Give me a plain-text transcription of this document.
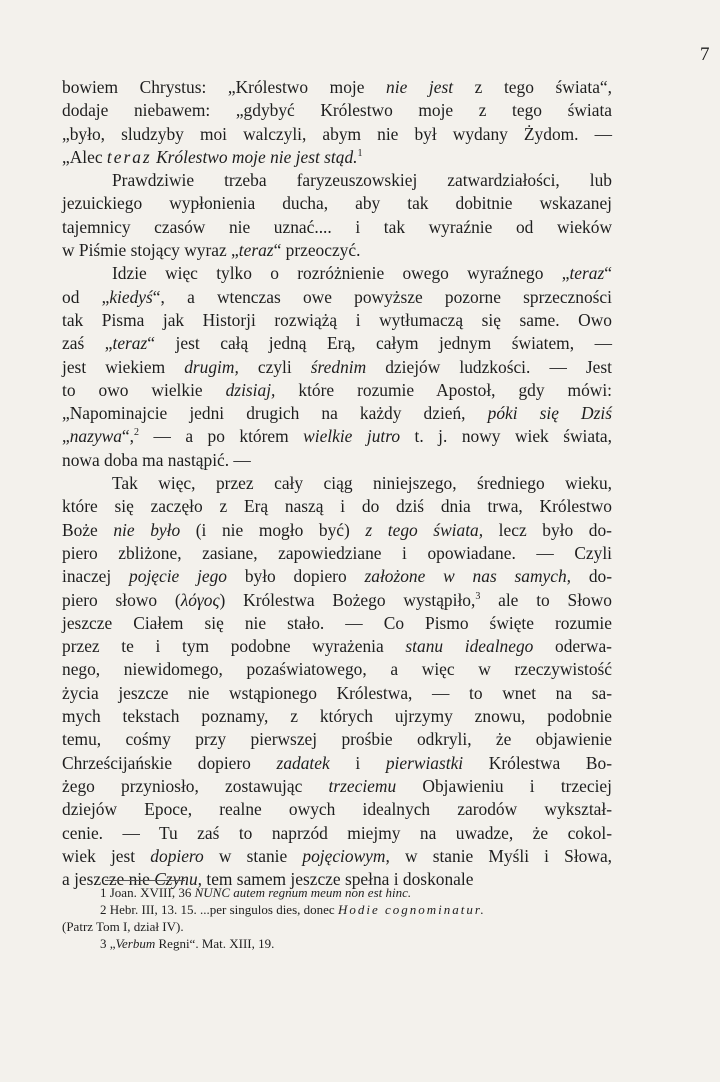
7
bowiem Chrystus: „Królestwo moje nie jest z tego świata“,
dodaje niebawem: „gdybyć Królestwo moje z tego świata
„było, sludzyby moi walczyli, abym nie był wydany Żydom. —
„Alec teraz Królestwo moje nie jest stąd.$^1$
Prawdziwie trzeba faryzeuszowskiej zatwardziałości, lub
jezuickiego wypłonienia ducha, aby tak dobitnie wskazanej
tajemnicy czasów nie uznać.... i tak wyraźnie od wieków
w Piśmie stojący wyraz „teraz“ przeoczyć.
Idzie więc tylko o rozróżnienie owego wyraźnego „teraz“
od „kiedyś“, a wtenczas owe powyższe pozorne sprzeczności
tak Pisma jak Historji rozwiążą i wytłumaczą się same. Owo
zaś „teraz“ jest całą jedną Erą, całym jednym światem, —
jest wiekiem drugim, czyli średnim dziejów ludzkości. — Jest
to owo wielkie dzisiaj, które rozumie Apostoł, gdy mówi:
„Napominajcie jedni drugich na każdy dzień, póki się Dziś
„nazywa“,$^2$ — a po którem wielkie jutro t. j. nowy wiek świata,
nowa doba ma nastąpić. —
Tak więc, przez cały ciąg niniejszego, średniego wieku,
które się zaczęło z Erą naszą i do dziś dnia trwa, Królestwo
Boże nie było (i nie mogło być) z tego świata, lecz było do-
piero zbliżone, zasiane, zapowiedziane i opowiadane. — Czyli
inaczej pojęcie jego było dopiero założone w nas samych, do-
piero słowo (λόγος) Królestwa Bożego wystąpiło,$^3$ ale to Słowo
jeszcze Ciałem się nie stało. — Co Pismo święte rozumie
przez te i tym podobne wyrażenia stanu idealnego oderwa-
nego, niewidomego, pozaświatowego, a więc w rzeczywistość
życia jeszcze nie wstąpionego Królestwa, — to wnet na sa-
mych tekstach poznamy, z których ujrzymy znowu, podobnie
temu, cośmy przy pierwszej prośbie odkryli, że objawienie
Chrześcijańskie dopiero zadatek i pierwiastki Królestwa Bo-
żego przyniosło, zostawując trzeciemu Objawieniu i trzeciej
dziejów Epoce, realne owych idealnych zarodów wykształ-
cenie. — Tu zaś to naprzód miejmy na uwadze, że cokol-
wiek jest dopiero w stanie pojęciowym, w stanie Myśli i Słowa,
a jeszcze nie Czynu, tem samem jeszcze spełna i doskonale
1 Joan. XVIII, 36 NUNC autem regnum meum non est hinc.
2 Hebr. III, 13. 15. ...per singulos dies, donec Hodie cognominatur.
(Patrz Tom I, dział IV).
3 „Verbum Regni“. Mat. XIII, 19.
